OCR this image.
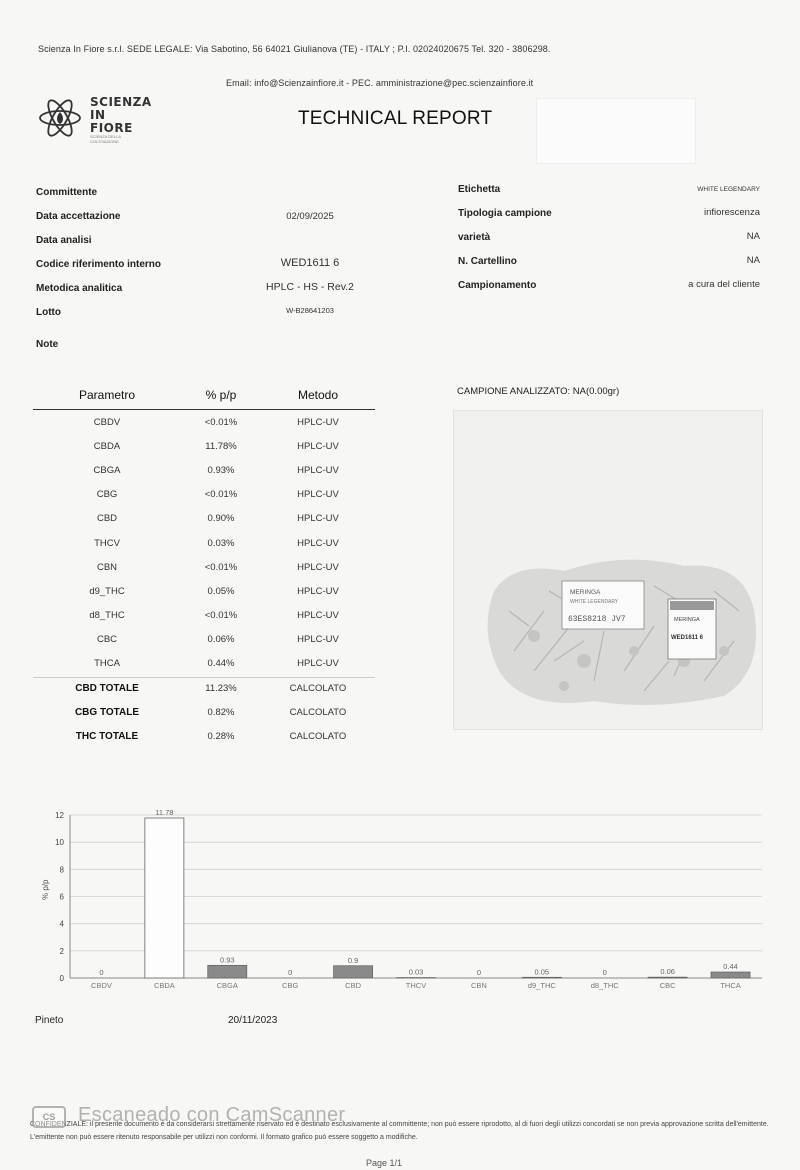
Scienza In Fiore s.r.l. SEDE LEGALE: Via Sabotino, 56 64021 Giulianova (TE) - ITALY ; P.I. 02024020675 Tel. 320 - 3806298.
Email: info@Scienzainfiore.it - PEC. amministrazione@pec.scienzainfiore.it
SCIENZA IN FIORE
SCIENZA DELLA COLTIVAZIONE
TECHNICAL REPORT
Committente
Data accettazione	02/09/2025
Data analisi
Codice riferimento interno	WED1611 6
Metodica analitica	HPLC - HS - Rev.2
Lotto	W-B28641203
Note
Etichetta	WHITE LEGENDARY
Tipologia campione	infiorescenza
varietà	NA
N. Cartellino	NA
Campionamento	a cura del cliente
Parametro	% p/p	Metodo
CBDV	<0.01%	HPLC-UV
CBDA	11.78%	HPLC-UV
CBGA	0.93%	HPLC-UV
CBG	<0.01%	HPLC-UV
CBD	0.90%	HPLC-UV
THCV	0.03%	HPLC-UV
CBN	<0.01%	HPLC-UV
d9_THC	0.05%	HPLC-UV
d8_THC	<0.01%	HPLC-UV
CBC	0.06%	HPLC-UV
THCA	0.44%	HPLC-UV
CBD TOTALE	11.23%	CALCOLATO
CBG TOTALE	0.82%	CALCOLATO
THC TOTALE	0.28%	CALCOLATO
CAMPIONE ANALIZZATO: NA(0.00gr)
MERINGA
WHITE LEGENDARY
63ES8218 JV7	MERINGA
WED1611 6
% p/p
0
2
4
6
8
10
12
0
11.78
0.93
0
0.9
0.03	0	0.05	0	0.06
0.44
CBDV	CBDA	CBGA	CBG	CBD	THCV	CBN	d9_THC	d8_THC	CBC	THCA
Pineto	20/11/2023
CONFIDENZIALE: il presente documento è da considerarsi strettamente riservato ed è destinato esclusivamente al committente; non può essere riprodotto, al di fuori degli utilizzi concordati se non previa approvazione scritta dell'emittente. L'emittente non può essere ritenuto responsabile per utilizzi non conformi. Il formato grafico può essere soggetto a modifiche.
CS	Escaneado con CamScanner
Page 1/1
